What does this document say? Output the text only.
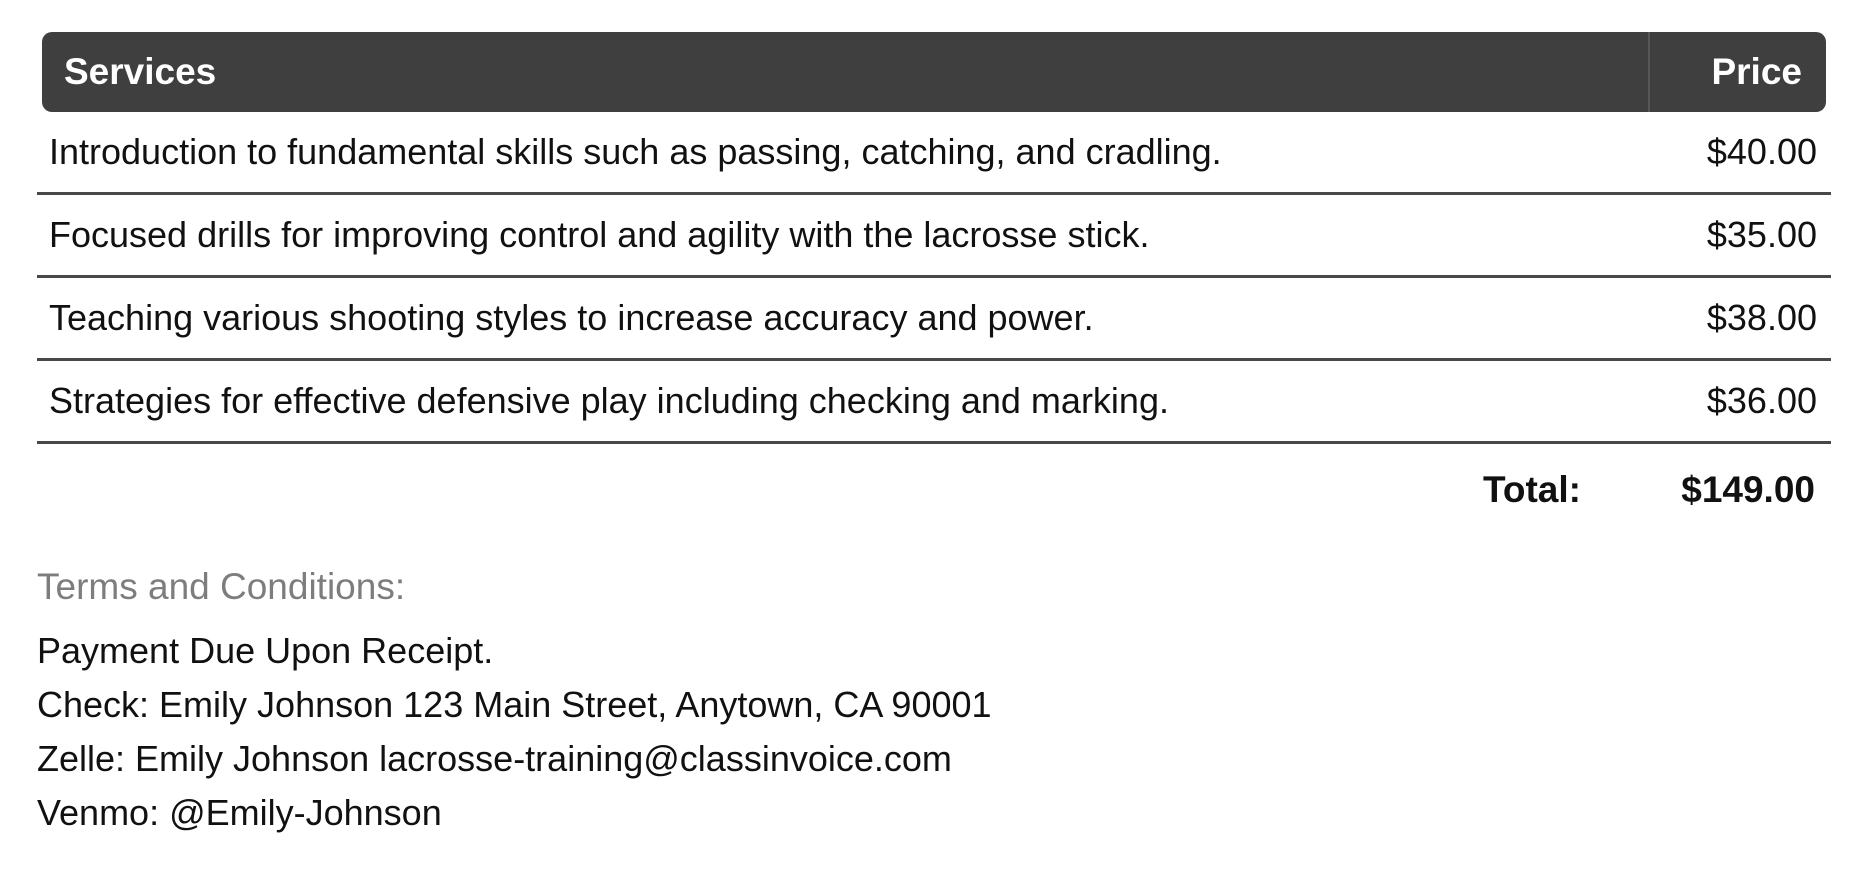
Services	Price
Introduction to fundamental skills such as passing, catching, and cradling.	$40.00
Focused drills for improving control and agility with the lacrosse stick.	$35.00
Teaching various shooting styles to increase accuracy and power.	$38.00
Strategies for effective defensive play including checking and marking.	$36.00
Total:	$149.00
Terms and Conditions:
Payment Due Upon Receipt.
Check: Emily Johnson 123 Main Street, Anytown, CA 90001
Zelle: Emily Johnson lacrosse-training@classinvoice.com
Venmo: @Emily-Johnson
